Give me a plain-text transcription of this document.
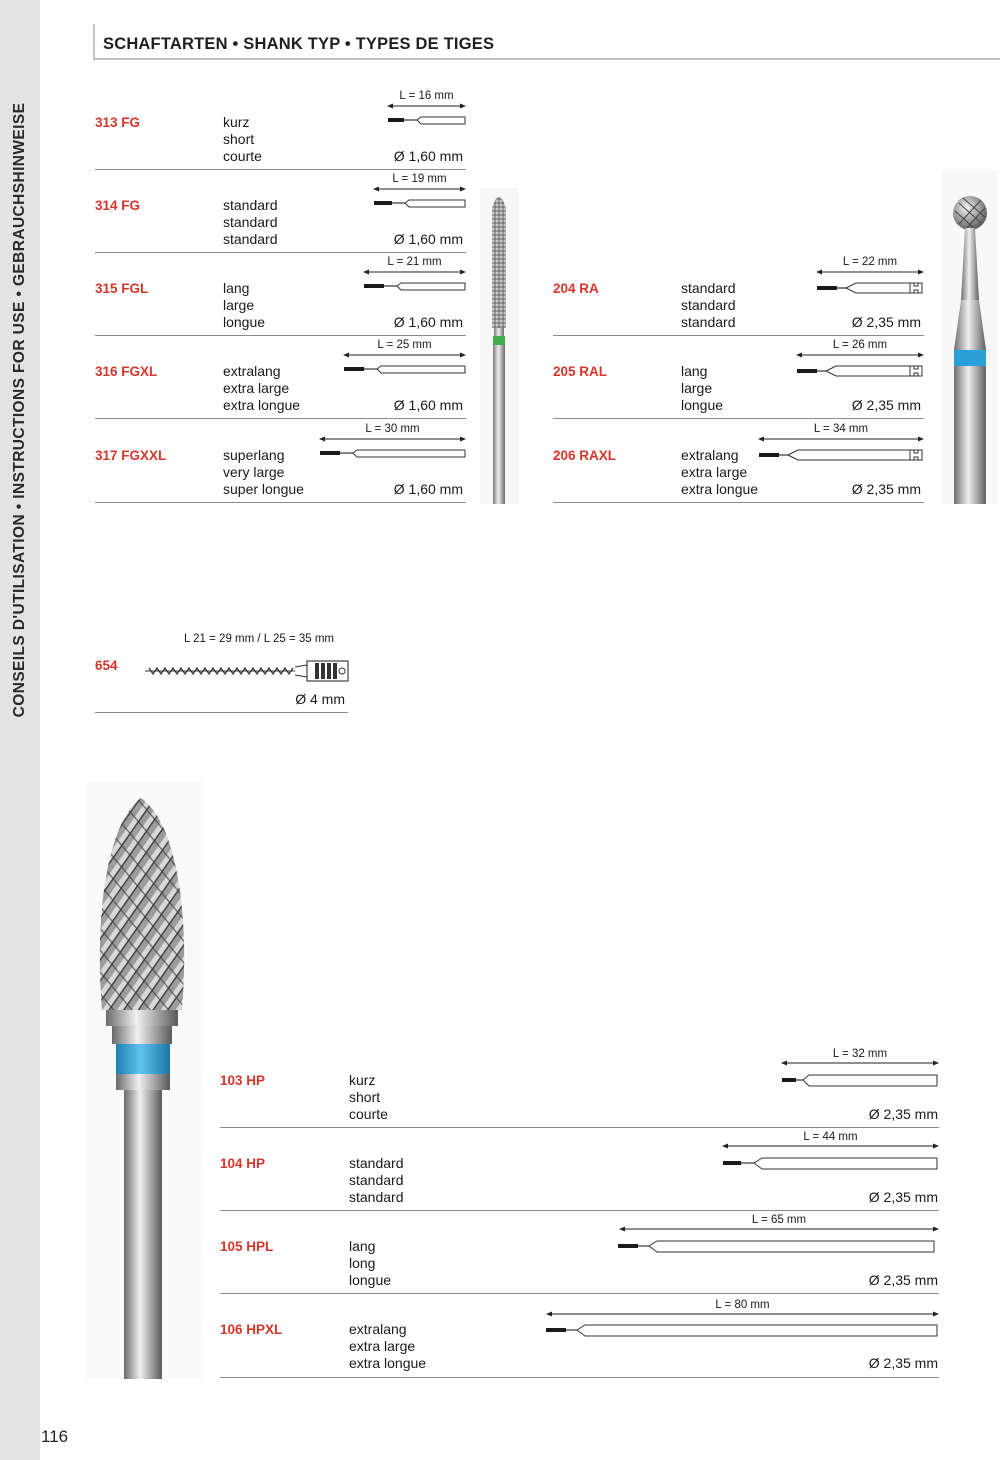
CONSEILS D'UTILISATION • INSTRUCTIONS FOR USE • GEBRAUCHSHINWEISE
SCHAFTARTEN • SHANK TYP • TYPES DE TIGES
313 FG	kurz
short
courte
L = 16 mm
Ø 1,60 mm
314 FG	standard
standard
standard
L = 19 mm
Ø 1,60 mm
315 FGL	lang
large
longue
L = 21 mm
Ø 1,60 mm
316 FGXL	extralang
extra large
extra longue
L = 25 mm
Ø 1,60 mm
317 FGXXL	superlang
very large
super longue
L = 30 mm
Ø 1,60 mm
204 RA	standard
standard
standard
L = 22 mm
Ø 2,35 mm
205 RAL	lang
large
longue
L = 26 mm
Ø 2,35 mm
206 RAXL	extralang
extra large
extra longue
L = 34 mm
Ø 2,35 mm
L 21 = 29 mm / L 25 = 35 mm
654
Ø 4 mm
103 HP	kurz
short
courte
L = 32 mm
Ø 2,35 mm
104 HP	standard
standard
standard
L = 44 mm
Ø 2,35 mm
105 HPL	lang
long
longue
L = 65 mm
Ø 2,35 mm
106 HPXL	extralang
extra large
extra longue
L = 80 mm
Ø 2,35 mm
116
